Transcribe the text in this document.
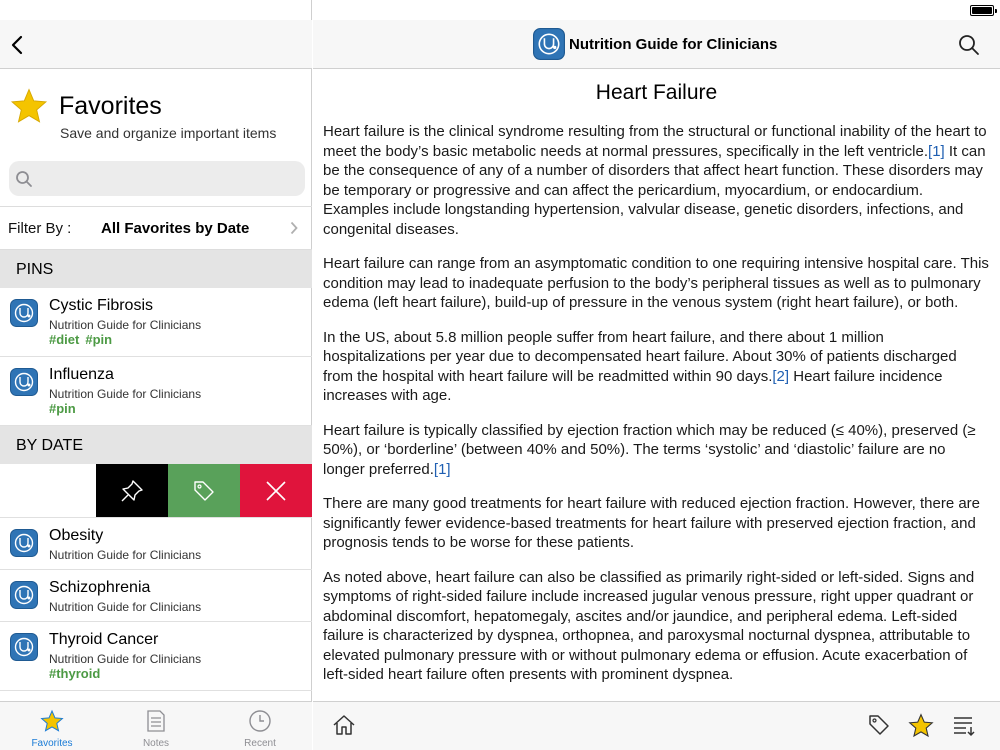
Favorites
Save and organize important items
Filter By : All Favorites by Date
PINS
Cystic Fibrosis
Nutrition Guide for Clinicians
#diet #pin
Influenza
Nutrition Guide for Clinicians
#pin
BY DATE
Obesity
Nutrition Guide for Clinicians
Schizophrenia
Nutrition Guide for Clinicians
Thyroid Cancer
Nutrition Guide for Clinicians
#thyroid
Favorites	Notes	Recent
Nutrition Guide for Clinicians
Heart Failure

Heart failure is the clinical syndrome resulting from the structural or functional inability of the heart to meet the body’s basic metabolic needs at normal pressures, specifically in the left ventricle.[1] It can be the consequence of any of a number of disorders that affect heart function. These disorders may be temporary or progressive and can affect the pericardium, myocardium, or endocardium. Examples include longstanding hypertension, valvular disease, genetic disorders, infections, and congenital diseases.

Heart failure can range from an asymptomatic condition to one requiring intensive hospital care. This condition may lead to inadequate perfusion to the body’s peripheral tissues as well as to pulmonary edema (left heart failure), build-up of pressure in the venous system (right heart failure), or both.

In the US, about 5.8 million people suffer from heart failure, and there about 1 million hospitalizations per year due to decompensated heart failure. About 30% of patients discharged from the hospital with heart failure will be readmitted within 90 days.[2] Heart failure incidence increases with age.

Heart failure is typically classified by ejection fraction which may be reduced (≤ 40%), preserved (≥ 50%), or ‘borderline’ (between 40% and 50%). The terms ‘systolic’ and ‘diastolic’ failure are no longer preferred.[1]

There are many good treatments for heart failure with reduced ejection fraction. However, there are significantly fewer evidence-based treatments for heart failure with preserved ejection fraction, and prognosis tends to be worse for these patients.

As noted above, heart failure can also be classified as primarily right-sided or left-sided. Signs and symptoms of right-sided failure include increased jugular venous pressure, right upper quadrant or abdominal discomfort, hepatomegaly, ascites and/or jaundice, and peripheral edema. Left-sided failure is characterized by dyspnea, orthopnea, and paroxysmal nocturnal dyspnea, attributable to elevated pulmonary pressure with or without pulmonary edema or effusion. Acute exacerbation of left-sided heart failure often presents with prominent dyspnea.
